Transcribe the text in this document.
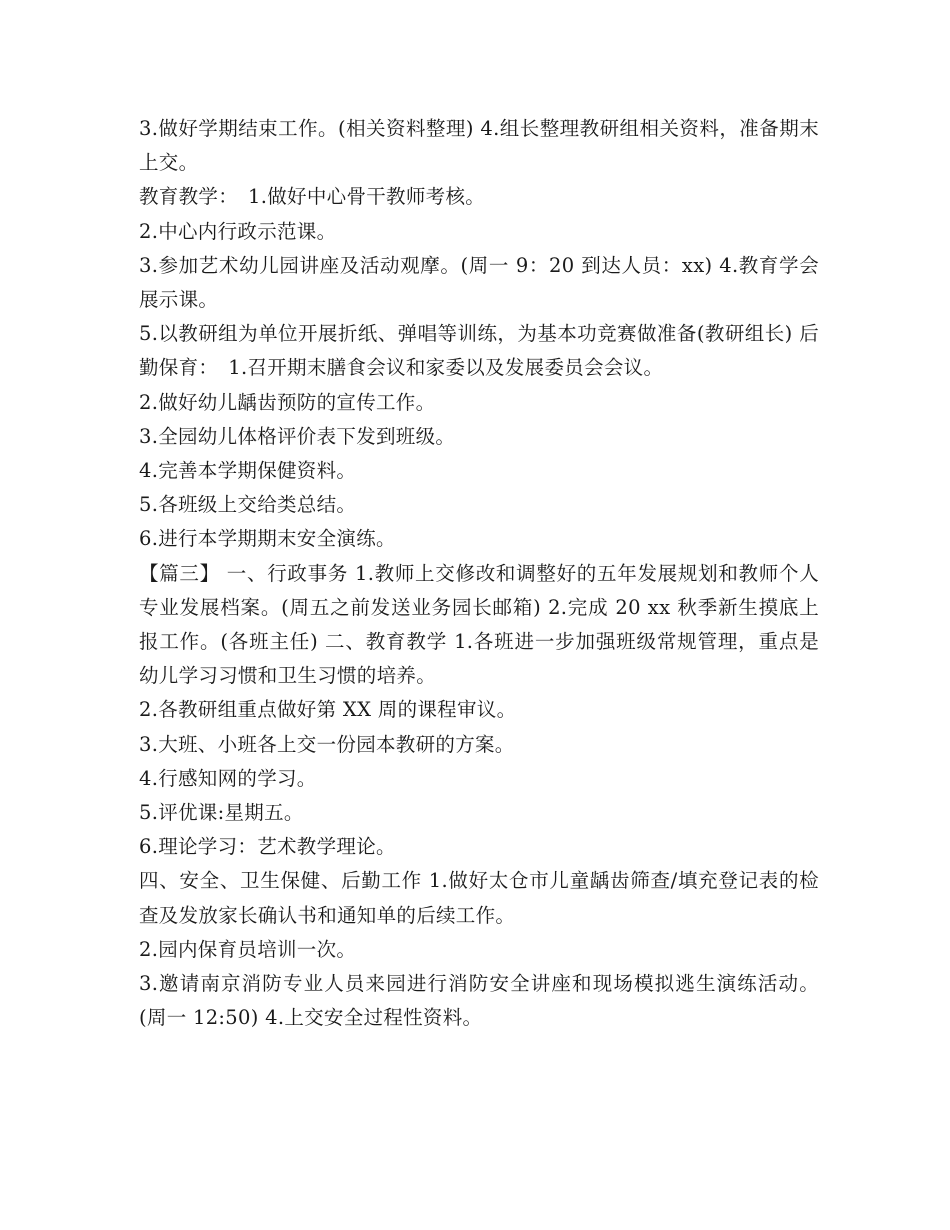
3.做好学期结束工作。(相关资料整理) 4.组长整理教研组相关资料，准备期末上交。

教育教学：　1.做好中心骨干教师考核。

2.中心内行政示范课。

3.参加艺术幼儿园讲座及活动观摩。(周一 9：20 到达人员：xx) 4.教育学会展示课。

5.以教研组为单位开展折纸、弹唱等训练，为基本功竞赛做准备(教研组长) 后勤保育：　1.召开期末膳食会议和家委以及发展委员会会议。

2.做好幼儿龋齿预防的宣传工作。

3.全园幼儿体格评价表下发到班级。

4.完善本学期保健资料。

5.各班级上交给类总结。

6.进行本学期期末安全演练。

【篇三】 一、行政事务 1.教师上交修改和调整好的五年发展规划和教师个人专业发展档案。(周五之前发送业务园长邮箱) 2.完成 20 xx 秋季新生摸底上报工作。(各班主任) 二、教育教学 1.各班进一步加强班级常规管理，重点是幼儿学习习惯和卫生习惯的培养。

2.各教研组重点做好第 XX 周的课程审议。

3.大班、小班各上交一份园本教研的方案。

4.行感知网的学习。

5.评优课:星期五。

6.理论学习：艺术教学理论。

四、安全、卫生保健、后勤工作 1.做好太仓市儿童龋齿筛查/填充登记表的检查及发放家长确认书和通知单的后续工作。

2.园内保育员培训一次。

3.邀请南京消防专业人员来园进行消防安全讲座和现场模拟逃生演练活动。(周一 12:50) 4.上交安全过程性资料。
